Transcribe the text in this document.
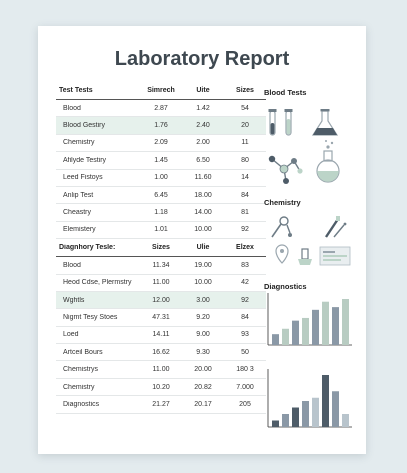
Laboratory Report
Test Tests	Simrech	Uite	Sizes
Blood	2.87	1.42	54
Blood Gestiry	1.76	2.40	20
Chemistry	2.09	2.00	11
Afilyde Testiry	1.45	6.50	80
Leed Fistoys	1.00	11.60	14
Anlip Test	6.45	18.00	84
Cheastry	1.18	14.00	81
Elemistery	1.01	10.00	92
Diagnhory Tesle:	Sizes	Ulie	Elzex
Blood	11.34	19.00	83
Heod Cdse, Plermstry	11.00	10.00	42
Wghtls	12.00	3.00	92
Nigmt Tesy Stoes	47.31	9.20	84
Loed	14.11	9.00	93
Artceil Bours	16.62	9.30	50
Chemistrys	11.00	20.00	180 3
Chemistry	10.20	20.82	7.000
Diagnostics	21.27	20.17	205
Blood Tests
Chemistry
Diagnostics
